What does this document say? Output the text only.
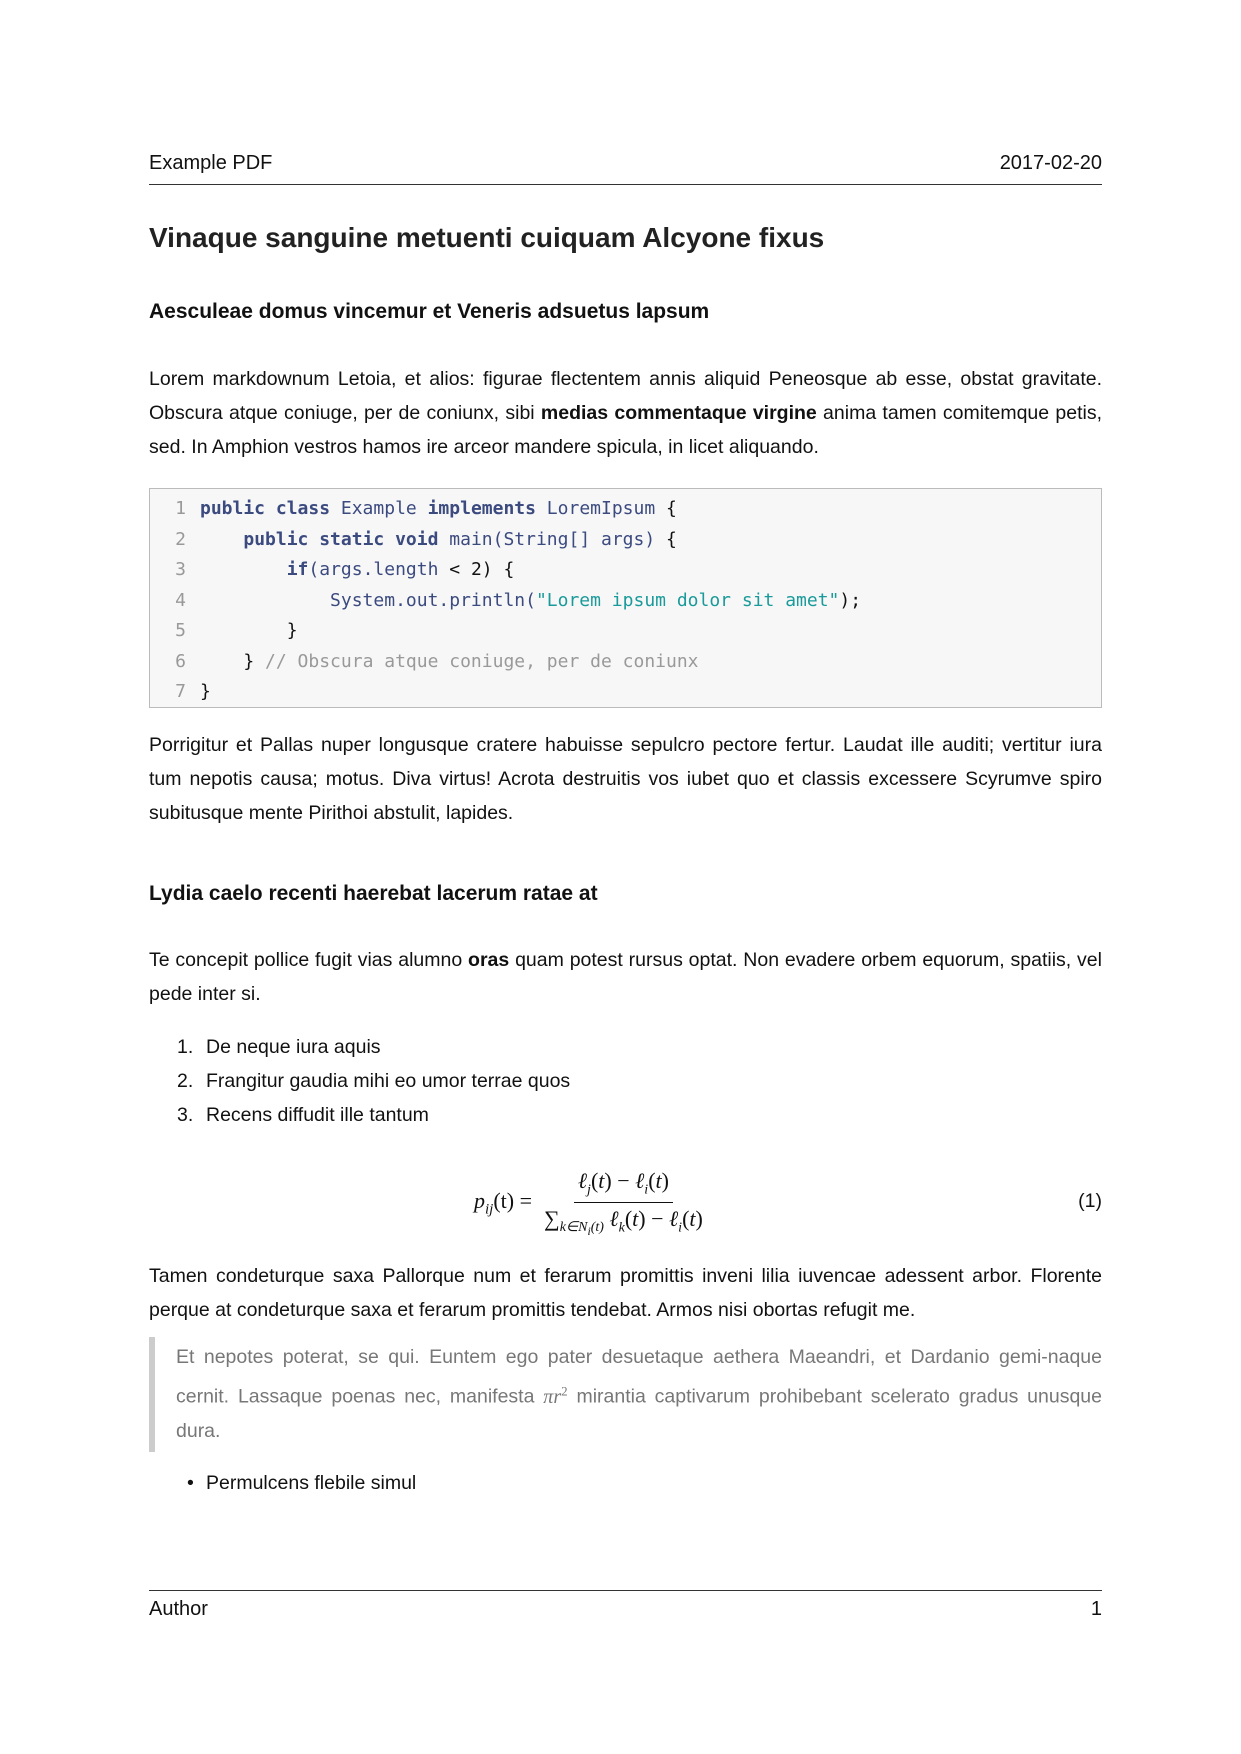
Example PDF	2017-02-20
Vinaque sanguine metuenti cuiquam Alcyone fixus
Aesculeae domus vincemur et Veneris adsuetus lapsum

Lorem markdownum Letoia, et alios: figurae flectentem annis aliquid Peneosque ab esse, obstat gravitate. Obscura atque coniuge, per de coniunx, sibi medias commentaque virgine anima tamen comitemque petis, sed. In Amphion vestros hamos ire arceor mandere spicula, in licet aliquando.

1 public class Example implements LoremIpsum {
2
	public static void main(String[] args) {
3
	if (args.length < 2) {
4
	System.out.println( "Lorem ipsum dolor sit amet" );
5 }
6 } // Obscura atque coniuge, per de coniunx
7 }

Porrigitur et Pallas nuper longusque cratere habuisse sepulcro pectore fertur. Laudat ille auditi; vertitur iura tum nepotis causa; motus. Diva virtus! Acrota destruitis vos iubet quo et classis excessere Scyrumve spiro subitusque mente Pirithoi abstulit, lapides.

Lydia caelo recenti haerebat lacerum ratae at

Te concepit pollice fugit vias alumno oras quam potest rursus optat. Non evadere orbem equorum, spatiis, vel pede inter si.

1. De neque iura aquis
2. Frangitur gaudia mihi eo umor terrae quos
3. Recens diffudit ille tantum
$p_{ij}(t) = \frac{\ell_j(t) - \ell_i(t)}{\sum_{k\in N_i(t)} \ell_k(t) - \ell_i(t)}$	(1)

Tamen condeturque saxa Pallorque num et ferarum promittis inveni lilia iuvencae adessent arbor. Florente perque at condeturque saxa et ferarum promittis tendebat. Armos nisi obortas refugit me.

Et nepotes poterat, se qui. Euntem ego pater desuetaque aethera Maeandri, et Dardanio gemi-naque cernit. Lassaque poenas nec, manifesta $\pi r^2$ mirantia captivarum prohibebant scelerato gradus unusque dura.

• Permulcens flebile simul
Author	1
